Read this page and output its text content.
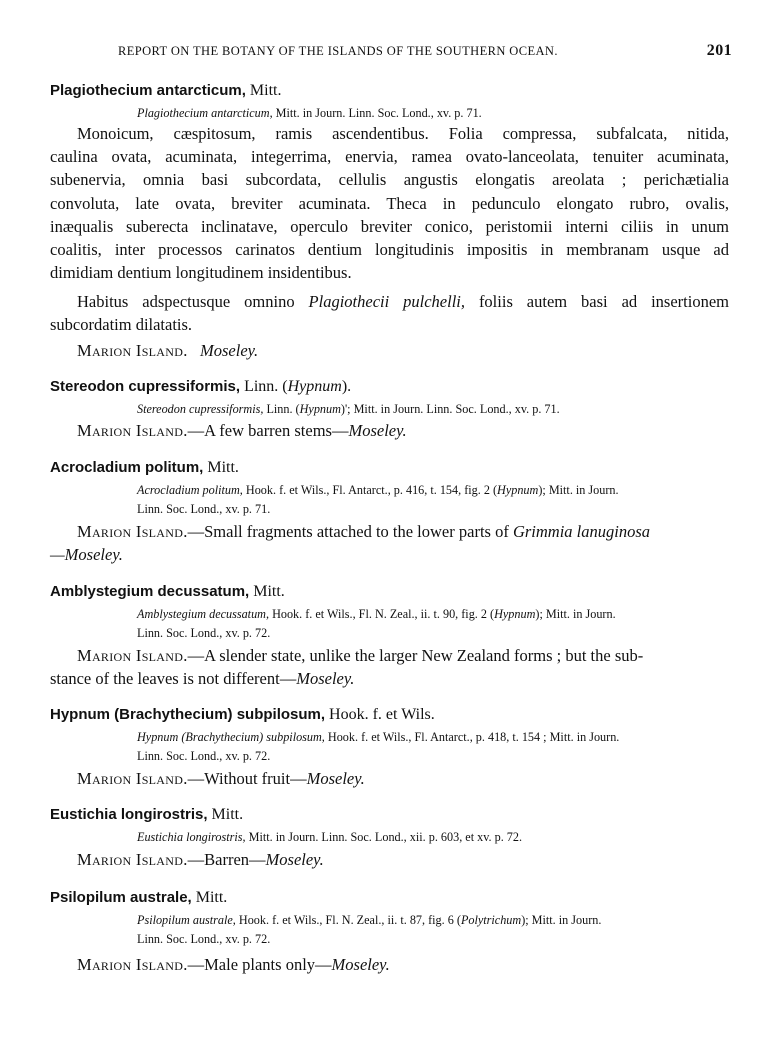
REPORT ON THE BOTANY OF THE ISLANDS OF THE SOUTHERN OCEAN.	201
Plagiothecium antarcticum, Mitt.
Plagiothecium antarcticum, Mitt. in Journ. Linn. Soc. Lond., xv. p. 71.
Monoicum, cæspitosum, ramis ascendentibus. Folia compressa, subfalcata, nitida,
caulina ovata, acuminata, integerrima, enervia, ramea ovato-lanceolata, tenuiter acuminata,
subenervia, omnia basi subcordata, cellulis angustis elongatis areolata ; perichætialia
convoluta, late ovata, breviter acuminata. Theca in pedunculo elongato rubro, ovalis,
inæqualis suberecta inclinatave, operculo breviter conico, peristomii interni ciliis in unum
coalitis, inter processos carinatos dentium longitudinis impositis in membranam usque ad
dimidiam dentium longitudinem insidentibus.
Habitus adspectusque omnino Plagiothecii pulchelli, foliis autem basi ad insertionem
subcordatim dilatatis.
Marion Island. Moseley.
Stereodon cupressiformis, Linn. (Hypnum).
Stereodon cupressiformis, Linn. (Hypnum)'; Mitt. in Journ. Linn. Soc. Lond., xv. p. 71.
Marion Island.—A few barren stems—Moseley.
Acrocladium politum, Mitt.
Acrocladium politum, Hook. f. et Wils., Fl. Antarct., p. 416, t. 154, fig. 2 (Hypnum); Mitt. in Journ.
Linn. Soc. Lond., xv. p. 71.
Marion Island.—Small fragments attached to the lower parts of Grimmia lanuginosa
—Moseley.
Amblystegium decussatum, Mitt.
Amblystegium decussatum, Hook. f. et Wils., Fl. N. Zeal., ii. t. 90, fig. 2 (Hypnum); Mitt. in Journ.
Linn. Soc. Lond., xv. p. 72.
Marion Island.—A slender state, unlike the larger New Zealand forms ; but the sub-
stance of the leaves is not different—Moseley.
Hypnum (Brachythecium) subpilosum, Hook. f. et Wils.
Hypnum (Brachythecium) subpilosum, Hook. f. et Wils., Fl. Antarct., p. 418, t. 154 ; Mitt. in Journ.
Linn. Soc. Lond., xv. p. 72.
Marion Island.—Without fruit—Moseley.
Eustichia longirostris, Mitt.
Eustichia longirostris, Mitt. in Journ. Linn. Soc. Lond., xii. p. 603, et xv. p. 72.
Marion Island.—Barren—Moseley.
Psilopilum australe, Mitt.
Psilopilum australe, Hook. f. et Wils., Fl. N. Zeal., ii. t. 87, fig. 6 (Polytrichum); Mitt. in Journ.
Linn. Soc. Lond., xv. p. 72.
Marion Island.—Male plants only—Moseley.
